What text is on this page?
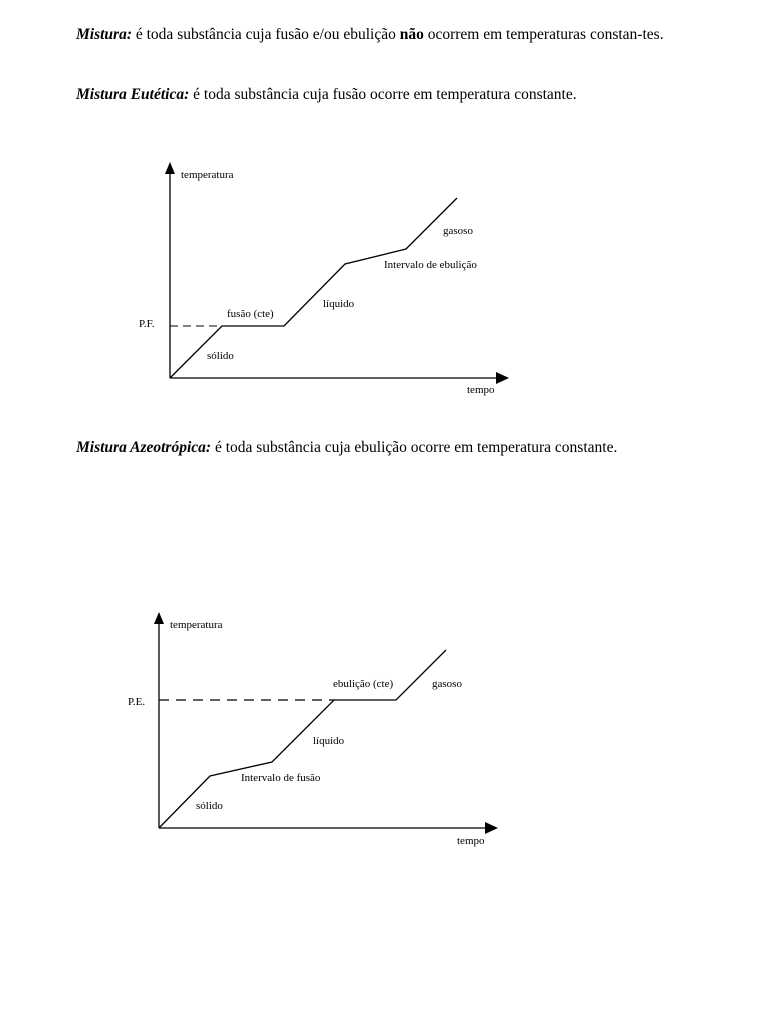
Mistura: é toda substância cuja fusão e/ou ebulição não ocorrem em temperaturas constan-tes.

Mistura Eutética: é toda substância cuja fusão ocorre em temperatura constante.

temperatura
tempo
P.F.
sólido
fusão (cte)
líquido
Intervalo de ebulição
gasoso

Mistura Azeotrópica: é toda substância cuja ebulição ocorre em temperatura constante.

temperatura
tempo
P.E.
sólido
Intervalo de fusão
líquido
ebulição (cte)	gasoso
